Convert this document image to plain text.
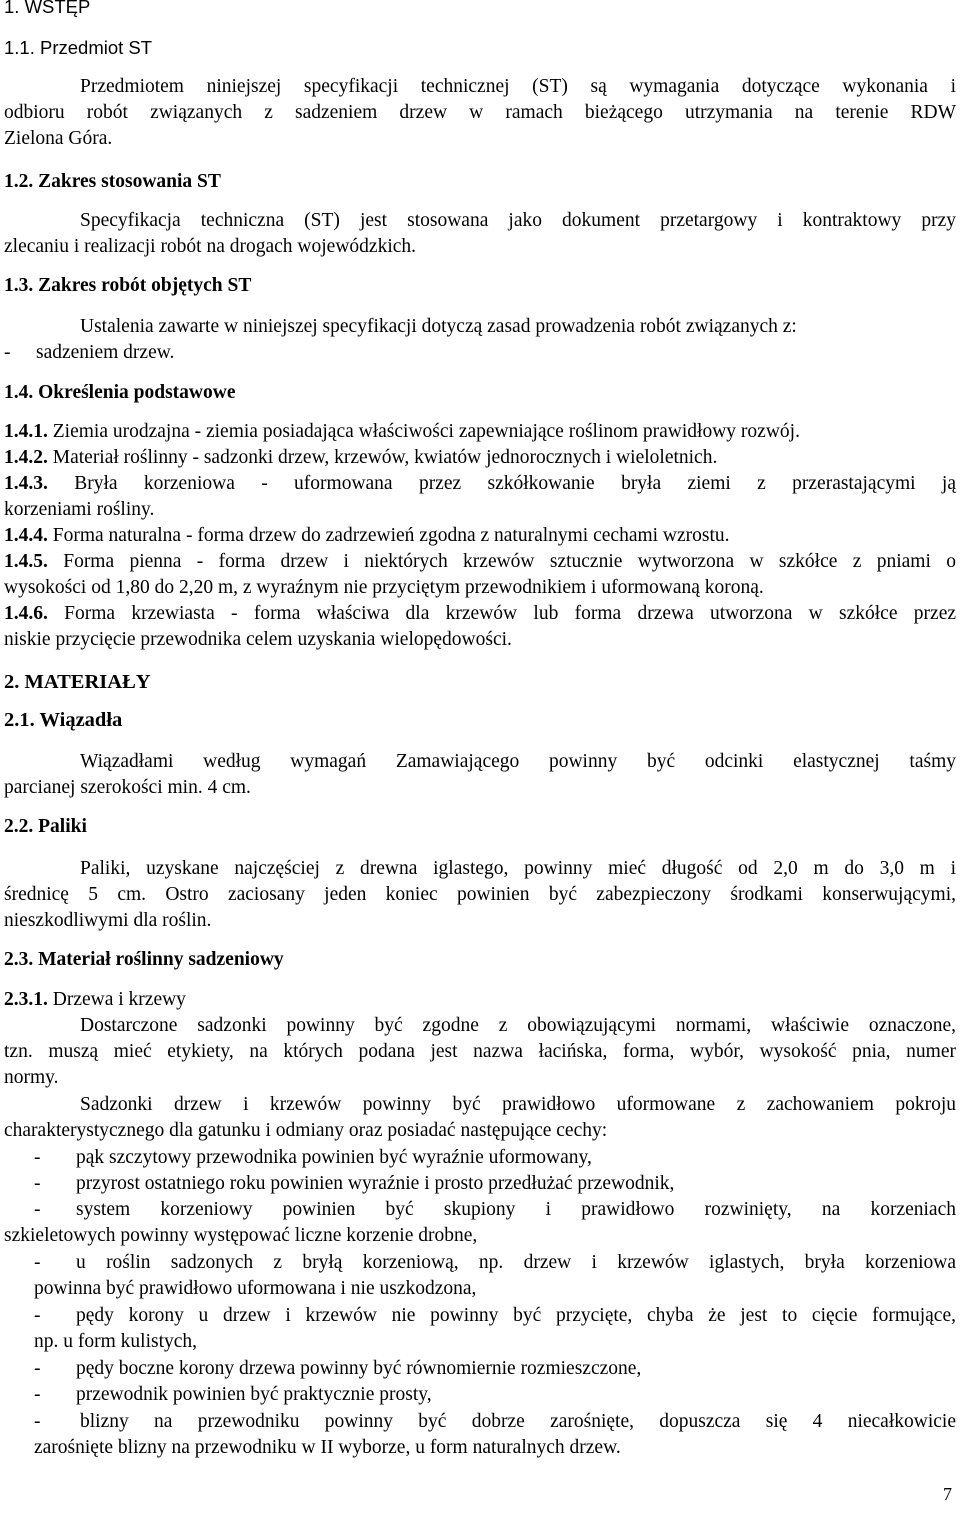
1. WSTĘP
1.1. Przedmiot ST
Przedmiotem niniejszej specyfikacji technicznej (ST) są wymagania dotyczące wykonania i
odbioru robót związanych z sadzeniem drzew w ramach bieżącego utrzymania na terenie RDW
Zielona Góra.
1.2. Zakres stosowania ST
Specyfikacja techniczna (ST) jest stosowana jako dokument przetargowy i kontraktowy przy
zlecaniu i realizacji robót na drogach wojewódzkich.
1.3. Zakres robót objętych ST
Ustalenia zawarte w niniejszej specyfikacji dotyczą zasad prowadzenia robót związanych z:
- sadzeniem drzew.
1.4. Określenia podstawowe
1.4.1. Ziemia urodzajna - ziemia posiadająca właściwości zapewniające roślinom prawidłowy rozwój.
1.4.2. Materiał roślinny - sadzonki drzew, krzewów, kwiatów jednorocznych i wieloletnich.
1.4.3. Bryła korzeniowa - uformowana przez szkółkowanie bryła ziemi z przerastającymi ją
korzeniami rośliny.
1.4.4. Forma naturalna - forma drzew do zadrzewień zgodna z naturalnymi cechami wzrostu.
1.4.5. Forma pienna - forma drzew i niektórych krzewów sztucznie wytworzona w szkółce z pniami o
wysokości od 1,80 do 2,20 m, z wyraźnym nie przyciętym przewodnikiem i uformowaną koroną.
1.4.6. Forma krzewiasta - forma właściwa dla krzewów lub forma drzewa utworzona w szkółce przez
niskie przycięcie przewodnika celem uzyskania wielopędowości.
2. MATERIAŁY
2.1. Wiązadła
Wiązadłami według wymagań Zamawiającego powinny być odcinki elastycznej taśmy
parcianej szerokości min. 4 cm.
2.2. Paliki
Paliki, uzyskane najczęściej z drewna iglastego, powinny mieć długość od 2,0 m do 3,0 m i
średnicę 5 cm. Ostro zaciosany jeden koniec powinien być zabezpieczony środkami konserwującymi,
nieszkodliwymi dla roślin.
2.3. Materiał roślinny sadzeniowy
2.3.1. Drzewa i krzewy
Dostarczone sadzonki powinny być zgodne z obowiązującymi normami, właściwie oznaczone,
tzn. muszą mieć etykiety, na których podana jest nazwa łacińska, forma, wybór, wysokość pnia, numer
normy.
Sadzonki drzew i krzewów powinny być prawidłowo uformowane z zachowaniem pokroju
charakterystycznego dla gatunku i odmiany oraz posiadać następujące cechy:
- pąk szczytowy przewodnika powinien być wyraźnie uformowany,
- przyrost ostatniego roku powinien wyraźnie i prosto przedłużać przewodnik,
- system korzeniowy powinien być skupiony i prawidłowo rozwinięty, na korzeniach
szkieletowych powinny występować liczne korzenie drobne,
- u roślin sadzonych z bryłą korzeniową, np. drzew i krzewów iglastych, bryła korzeniowa
powinna być prawidłowo uformowana i nie uszkodzona,
- pędy korony u drzew i krzewów nie powinny być przycięte, chyba że jest to cięcie formujące,
np. u form kulistych,
- pędy boczne korony drzewa powinny być równomiernie rozmieszczone,
- przewodnik powinien być praktycznie prosty,
- blizny na przewodniku powinny być dobrze zarośnięte, dopuszcza się 4 niecałkowicie
zarośnięte blizny na przewodniku w II wyborze, u form naturalnych drzew.
7
